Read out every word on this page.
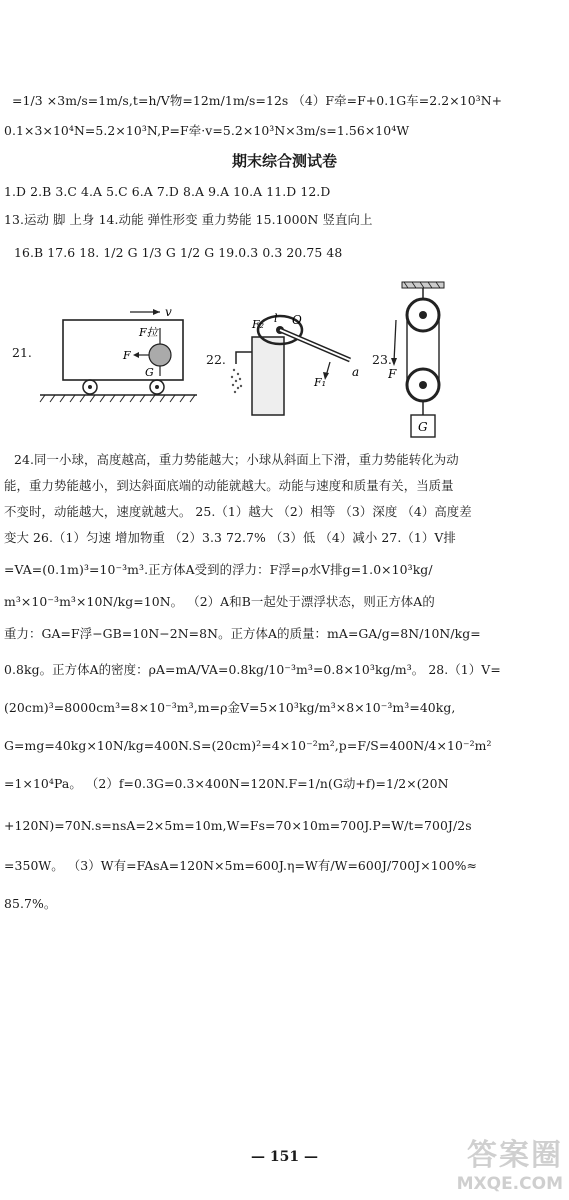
=1/3 ×3m/s=1m/s,t=h/V物=12m/1m/s=12s （4）F牵=F+0.1G车=2.2×10³N+
0.1×3×10⁴N=5.2×10³N,P=F牵·v=5.2×10³N×3m/s=1.56×10⁴W
期末综合测试卷
1.D 2.B 3.C 4.A 5.C 6.A 7.D 8.A 9.A 10.A 11.D 12.D
13.运动 脚 上身 14.动能 弹性形变 重力势能 15.1000N 竖直向上
16.B 17.6 18. 1/2 G 1/3 G 1/2 G 19.0.3 0.3 20.75 48
21.
v
F拉
F
G
22.
O
F₂ l
F₁
a
23.
F
G
24.同一小球，高度越高，重力势能越大；小球从斜面上下滑，重力势能转化为动
能，重力势能越小，到达斜面底端的动能就越大。动能与速度和质量有关，当质量
不变时，动能越大，速度就越大。 25.（1）越大 （2）相等 （3）深度 （4）高度差
变大 26.（1）匀速 增加物重 （2）3.3 72.7% （3）低 （4）减小 27.（1）V排
=VA=(0.1m)³=10⁻³m³.正方体A受到的浮力：F浮=ρ水V排g=1.0×10³kg/
m³×10⁻³m³×10N/kg=10N。 （2）A和B一起处于漂浮状态，则正方体A的
重力：GA=F浮−GB=10N−2N=8N。正方体A的质量：mA=GA/g=8N/10N/kg=
0.8kg。正方体A的密度：ρA=mA/VA=0.8kg/10⁻³m³=0.8×10³kg/m³。 28.（1）V=
(20cm)³=8000cm³=8×10⁻³m³,m=ρ金V=5×10³kg/m³×8×10⁻³m³=40kg,
G=mg=40kg×10N/kg=400N.S=(20cm)²=4×10⁻²m²,p=F/S=400N/4×10⁻²m²
=1×10⁴Pa。 （2）f=0.3G=0.3×400N=120N.F=1/n(G动+f)=1/2×(20N
+120N)=70N.s=nsA=2×5m=10m,W=Fs=70×10m=700J.P=W/t=700J/2s
=350W。 （3）W有=FAsA=120N×5m=600J.η=W有/W=600J/700J×100%≈
85.7%。
— 151 —	答案圈
MXQE.COM
